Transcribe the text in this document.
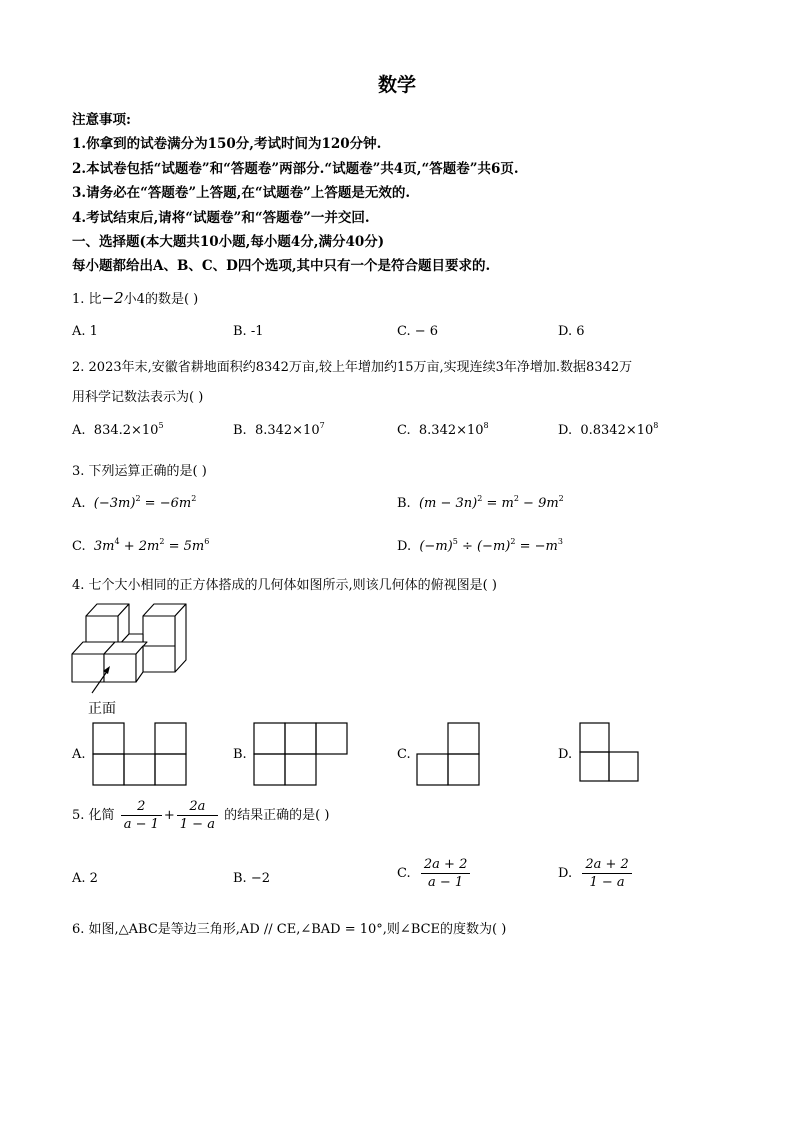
数学
注意事项:
1.你拿到的试卷满分为150分,考试时间为120分钟.
2.本试卷包括“试题卷”和“答题卷”两部分.“试题卷”共4页,“答题卷”共6页.
3.请务必在“答题卷”上答题,在“试题卷”上答题是无效的.
4.考试结束后,请将“试题卷”和“答题卷”一并交回.
一、选择题(本大题共10小题,每小题4分,满分40分)
每小题都给出A、B、C、D四个选项,其中只有一个是符合题目要求的.
1. 比−2小4的数是( )
A. 1	B. -1	C. − 6	D. 6
2. 2023年末,安徽省耕地面积约8342万亩,较上年增加约15万亩,实现连续3年净增加.数据8342万
用科学记数法表示为( )
A. $834.2\times 10^5$	B. $8.342\times 10^7$	C. $8.342\times 10^8$	D. $0.8342\times 10^8$
3. 下列运算正确的是( )
A. $(-3m)^2 = -6m^2$	B. $(m - 3n)^2 = m^2 - 9m^2$
C. $3m^4 + 2m^2 = 5m^6$	D. $(-m)^5 \div (-m)^2 = -m^3$
4. 七个大小相同的正方体搭成的几何体如图所示,则该几何体的俯视图是( )
正面
A.	B.	C.	D.
5. 化简 $\frac{2}{a - 1} + \frac{2a}{1 - a}$ 的结果正确的是( )
A. 2	B. −2	C. $\frac{2a + 2}{a - 1}$	D. $\frac{2a + 2}{1 - a}$
6. 如图,△ABC是等边三角形,AD // CE,∠BAD = 10°,则∠BCE的度数为( )
